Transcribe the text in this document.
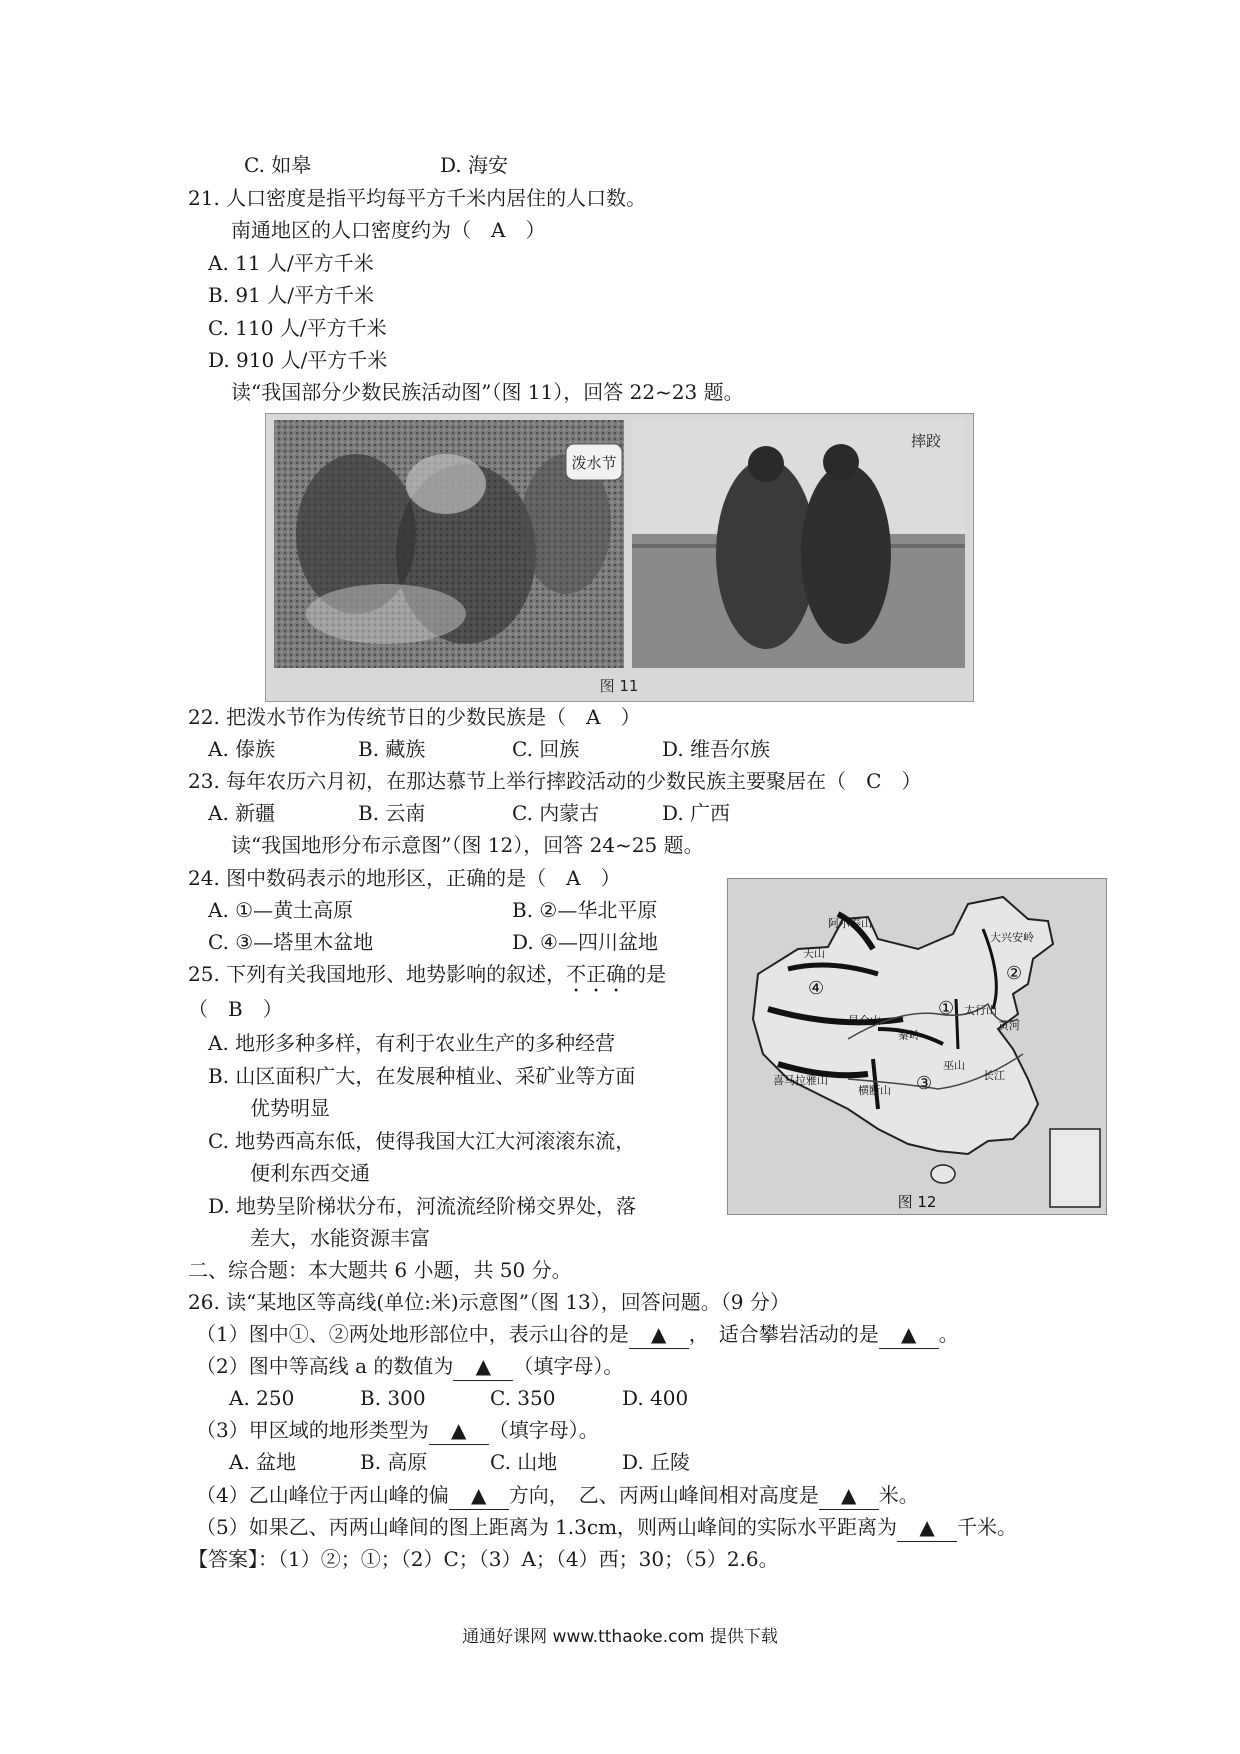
C. 如皋	D. 海安
21. 人口密度是指平均每平方千米内居住的人口数。
南通地区的人口密度约为（　A　）
A. 11 人/平方千米
B. 91 人/平方千米
C. 110 人/平方千米
D. 910 人/平方千米
读“我国部分少数民族活动图”（图 11），回答 22~23 题。
泼水节
摔跤
图 11
22. 把泼水节作为传统节日的少数民族是（　A　）
A. 傣族	B. 藏族	C. 回族	D. 维吾尔族
23. 每年农历六月初，在那达慕节上举行摔跤活动的少数民族主要聚居在（　C　）
A. 新疆	B. 云南	C. 内蒙古	D. 广西
读“我国地形分布示意图”（图 12），回答 24~25 题。
24. 图中数码表示的地形区，正确的是（　A　）
A. ①—黄土高原	B. ②—华北平原
C. ③—塔里木盆地	D. ④—四川盆地
25. 下列有关我国地形、地势影响的叙述，不正确的是
（　B　）
A. 地形多种多样，有利于农业生产的多种经营
B. 山区面积广大，在发展种植业、采矿业等方面
优势明显
C. 地势西高东低，使得我国大江大河滚滚东流，
便利东西交通
D. 地势呈阶梯状分布，河流流经阶梯交界处，落
差大，水能资源丰富
阿尔泰山
天山
大兴安岭
太行山
昆仑山
喜马拉雅山
秦岭
横断山
巫山
长江
黄河
①
②
③
④
图 12
二、综合题：本大题共 6 小题，共 50 分。
26. 读“某地区等高线(单位:米)示意图”（图 13），回答问题。（9 分）
（1）图中①、②两处地形部位中，表示山谷的是 ▲ ，　适合攀岩活动的是 ▲ 。
（2）图中等高线 a 的数值为 ▲ （填字母）。
A. 250	B. 300	C. 350	D. 400
（3）甲区域的地形类型为 ▲ （填字母）。
A. 盆地	B. 高原	C. 山地	D. 丘陵
（4）乙山峰位于丙山峰的偏 ▲ 方向，　乙、丙两山峰间相对高度是 ▲ 米。
（5）如果乙、丙两山峰间的图上距离为 1.3cm，则两山峰间的实际水平距离为 ▲ 千米。
【答案】：（1）②；①；（2）C；（3）A；（4）西；30；（5）2.6。
通通好课网 www.tthaoke.com 提供下载
